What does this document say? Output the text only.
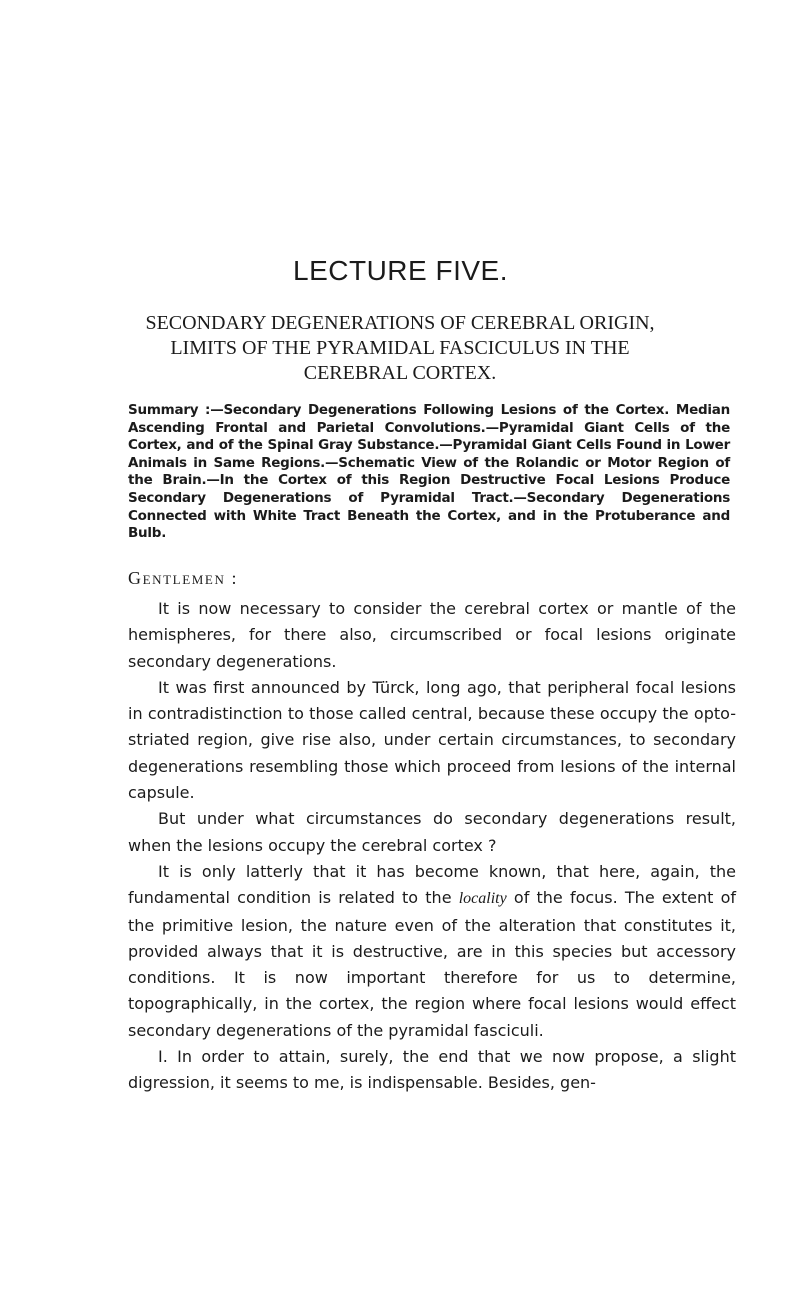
LECTURE FIVE.
SECONDARY DEGENERATIONS OF CEREBRAL ORIGIN, LIMITS OF THE PYRAMIDAL FASCICULUS IN THE CEREBRAL CORTEX.

Summary :—Secondary Degenerations Following Lesions of the Cortex. Median Ascending Frontal and Parietal Convolutions.—Pyramidal Giant Cells of the Cortex, and of the Spinal Gray Substance.—Pyramidal Giant Cells Found in Lower Animals in Same Regions.—Schematic View of the Rolandic or Motor Region of the Brain.—In the Cortex of this Region Destructive Focal Lesions Produce Secondary Degenerations of Pyramidal Tract.—Secondary Degenerations Connected with White Tract Beneath the Cortex, and in the Protuberance and Bulb.

Gentlemen :

It is now necessary to consider the cerebral cortex or mantle of the hemispheres, for there also, circumscribed or focal lesions originate secondary degenerations.

It was first announced by Türck, long ago, that peripheral focal lesions in contradistinction to those called central, because these occupy the opto-striated region, give rise also, under certain circumstances, to secondary degenerations resembling those which proceed from lesions of the internal capsule.

But under what circumstances do secondary degenerations result, when the lesions occupy the cerebral cortex ?

It is only latterly that it has become known, that here, again, the fundamental condition is related to the locality of the focus. The extent of the primitive lesion, the nature even of the alteration that constitutes it, provided always that it is destructive, are in this species but accessory conditions. It is now important therefore for us to determine, topographically, in the cortex, the region where focal lesions would effect secondary degenerations of the pyramidal fasciculi.

I. In order to attain, surely, the end that we now propose, a slight digression, it seems to me, is indispensable. Besides, gen-
